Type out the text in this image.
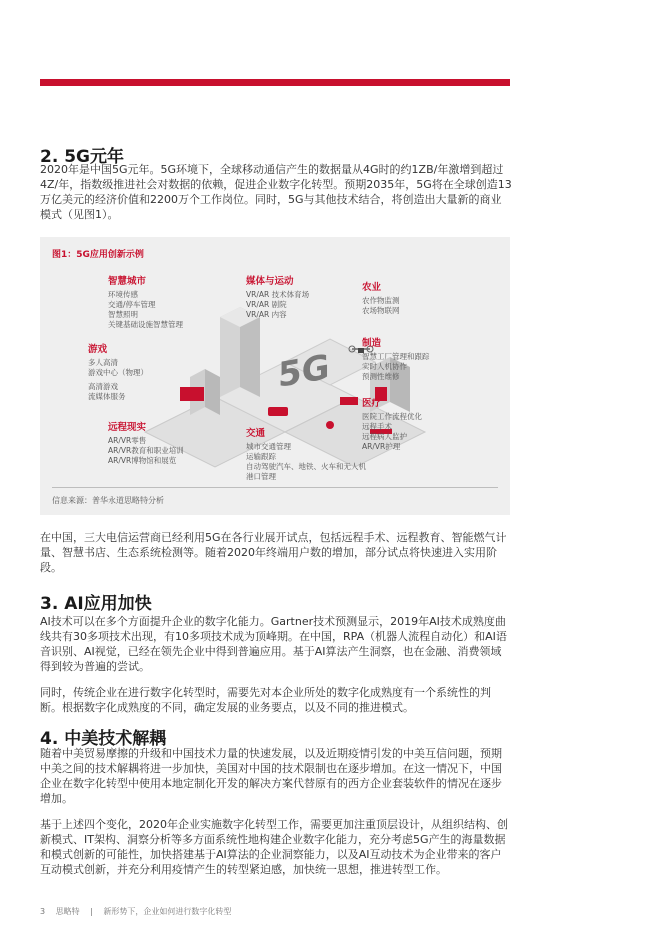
2. 5G元年

2020年是中国5G元年。5G环境下，全球移动通信产生的数据量从4G时的约1ZB/年激增到超过4Z/年，指数级推进社会对数据的依赖，促进企业数字化转型。预期2035年，5G将在全球创造13万亿美元的经济价值和2200万个工作岗位。同时，5G与其他技术结合，将创造出大量新的商业模式（见图1）。

图1：5G应用创新示例
5G
智慧城市
环境传感
交通/停车管理
智慧照明
关键基础设施智慧管理
媒体与运动
VR/AR 技术体育场
VR/AR 剧院
VR/AR 内容
农业
农作物监测
农场物联网
游戏
多人高清
游戏中心（物理）
高清游戏
流媒体服务
制造
智慧工厂管理和跟踪
实时人机协作
预测性维修
医疗
医院工作流程优化
远程手术
远程病人监护
AR/VR护理
远程现实
AR/VR零售
AR/VR教育和职业培训
AR/VR博物馆和展览
交通
城市交通管理
运输跟踪
自动驾驶汽车、地铁、火车和无人机
港口管理
信息来源：普华永道思略特分析

在中国，三大电信运营商已经利用5G在各行业展开试点，包括远程手术、远程教育、智能燃气计量、智慧书店、生态系统检测等。随着2020年终端用户数的增加，部分试点将快速进入实用阶段。

3. AI应用加快

AI技术可以在多个方面提升企业的数字化能力。Gartner技术预测显示，2019年AI技术成熟度曲线共有30多项技术出现，有10多项技术成为顶峰期。在中国，RPA（机器人流程自动化）和AI语音识别、AI视觉，已经在领先企业中得到普遍应用。基于AI算法产生洞察，也在金融、消费领域得到较为普遍的尝试。

同时，传统企业在进行数字化转型时，需要先对本企业所处的数字化成熟度有一个系统性的判断。根据数字化成熟度的不同，确定发展的业务要点，以及不同的推进模式。

4. 中美技术解耦

随着中美贸易摩擦的升级和中国技术力量的快速发展，以及近期疫情引发的中美互信问题，预期中美之间的技术解耦将进一步加快，美国对中国的技术限制也在逐步增加。在这一情况下，中国企业在数字化转型中使用本地定制化开发的解决方案代替原有的西方企业套装软件的情况在逐步增加。

基于上述四个变化，2020年企业实施数字化转型工作，需要更加注重顶层设计，从组织结构、创新模式、IT架构、洞察分析等多方面系统性地构建企业数字化能力，充分考虑5G产生的海量数据和模式创新的可能性，加快搭建基于AI算法的企业洞察能力，以及AI互动技术为企业带来的客户互动模式创新，并充分利用疫情产生的转型紧迫感，加快统一思想，推进转型工作。

3 思略特 | 新形势下，企业如何进行数字化转型
